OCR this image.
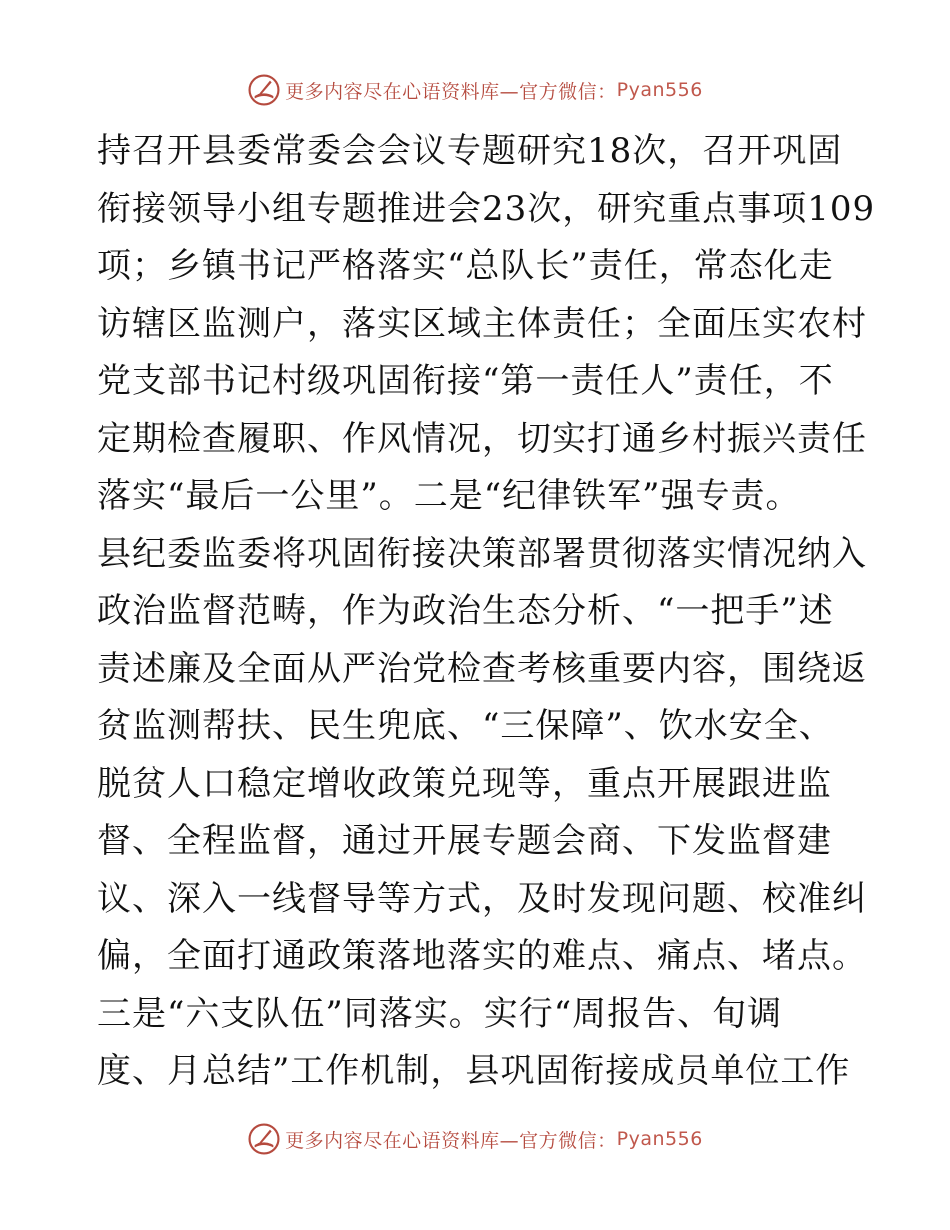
更多内容尽在心语资料库—官方微信： Pyan556
持召开县委常委会会议专题研究18次，召开巩固
衔接领导小组专题推进会23次，研究重点事项109
项；乡镇书记严格落实“总队长”责任，常态化走
访辖区监测户，落实区域主体责任；全面压实农村
党支部书记村级巩固衔接“第一责任人”责任，不
定期检查履职、作风情况，切实打通乡村振兴责任
落实“最后一公里”。二是“纪律铁军”强专责。
县纪委监委将巩固衔接决策部署贯彻落实情况纳入
政治监督范畴，作为政治生态分析、“一把手”述
责述廉及全面从严治党检查考核重要内容，围绕返
贫监测帮扶、民生兜底、“三保障”、饮水安全、
脱贫人口稳定增收政策兑现等，重点开展跟进监
督、全程监督，通过开展专题会商、下发监督建
议、深入一线督导等方式，及时发现问题、校准纠
偏，全面打通政策落地落实的难点、痛点、堵点。
三是“六支队伍”同落实。实行“周报告、旬调
度、月总结”工作机制，县巩固衔接成员单位工作
更多内容尽在心语资料库—官方微信： Pyan556
